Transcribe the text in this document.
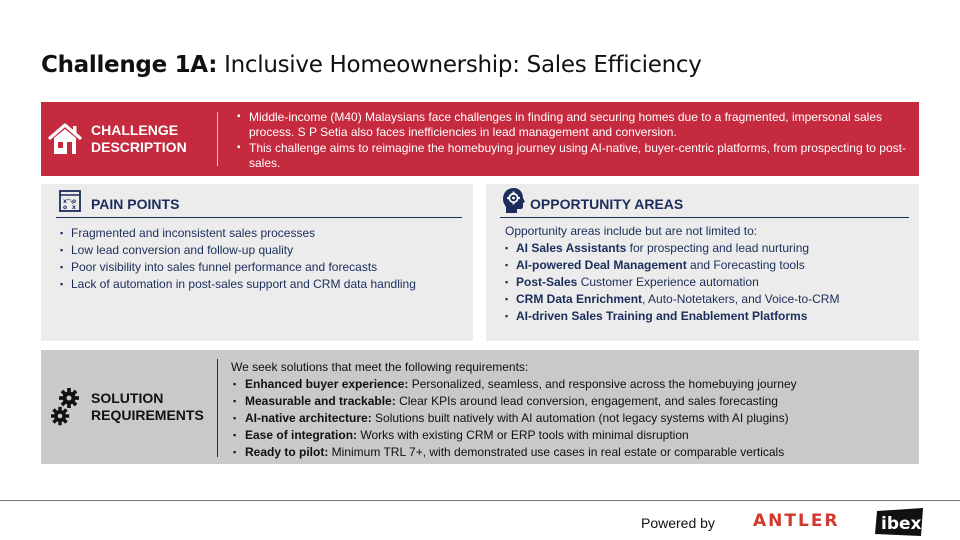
Challenge 1A: Inclusive Homeownership: Sales Efficiency
CHALLENGE
DESCRIPTION
▪ Middle-income (M40) Malaysians face challenges in finding and securing homes due to a fragmented, impersonal sales process. S P Setia also faces inefficiencies in lead management and conversion.
▪ This challenge aims to reimagine the homebuying journey using AI-native, buyer-centric platforms, from prospecting to post-sales.
x o
o x PAIN POINTS
▪ Fragmented and inconsistent sales processes
▪ Low lead conversion and follow-up quality
▪ Poor visibility into sales funnel performance and forecasts
▪ Lack of automation in post-sales support and CRM data handling
OPPORTUNITY AREAS
Opportunity areas include but are not limited to:
▪ AI Sales Assistants for prospecting and lead nurturing
▪ AI-powered Deal Management and Forecasting tools
▪ Post-Sales Customer Experience automation
▪ CRM Data Enrichment, Auto-Notetakers, and Voice-to-CRM
▪ AI-driven Sales Training and Enablement Platforms
SOLUTION
REQUIREMENTS
We seek solutions that meet the following requirements:
▪ Enhanced buyer experience: Personalized, seamless, and responsive across the homebuying journey
▪ Measurable and trackable: Clear KPIs around lead conversion, engagement, and sales forecasting
▪ AI-native architecture: Solutions built natively with AI automation (not legacy systems with AI plugins)
▪ Ease of integration: Works with existing CRM or ERP tools with minimal disruption
▪ Ready to pilot: Minimum TRL 7+, with demonstrated use cases in real estate or comparable verticals
Powered by ANTLER ibex
